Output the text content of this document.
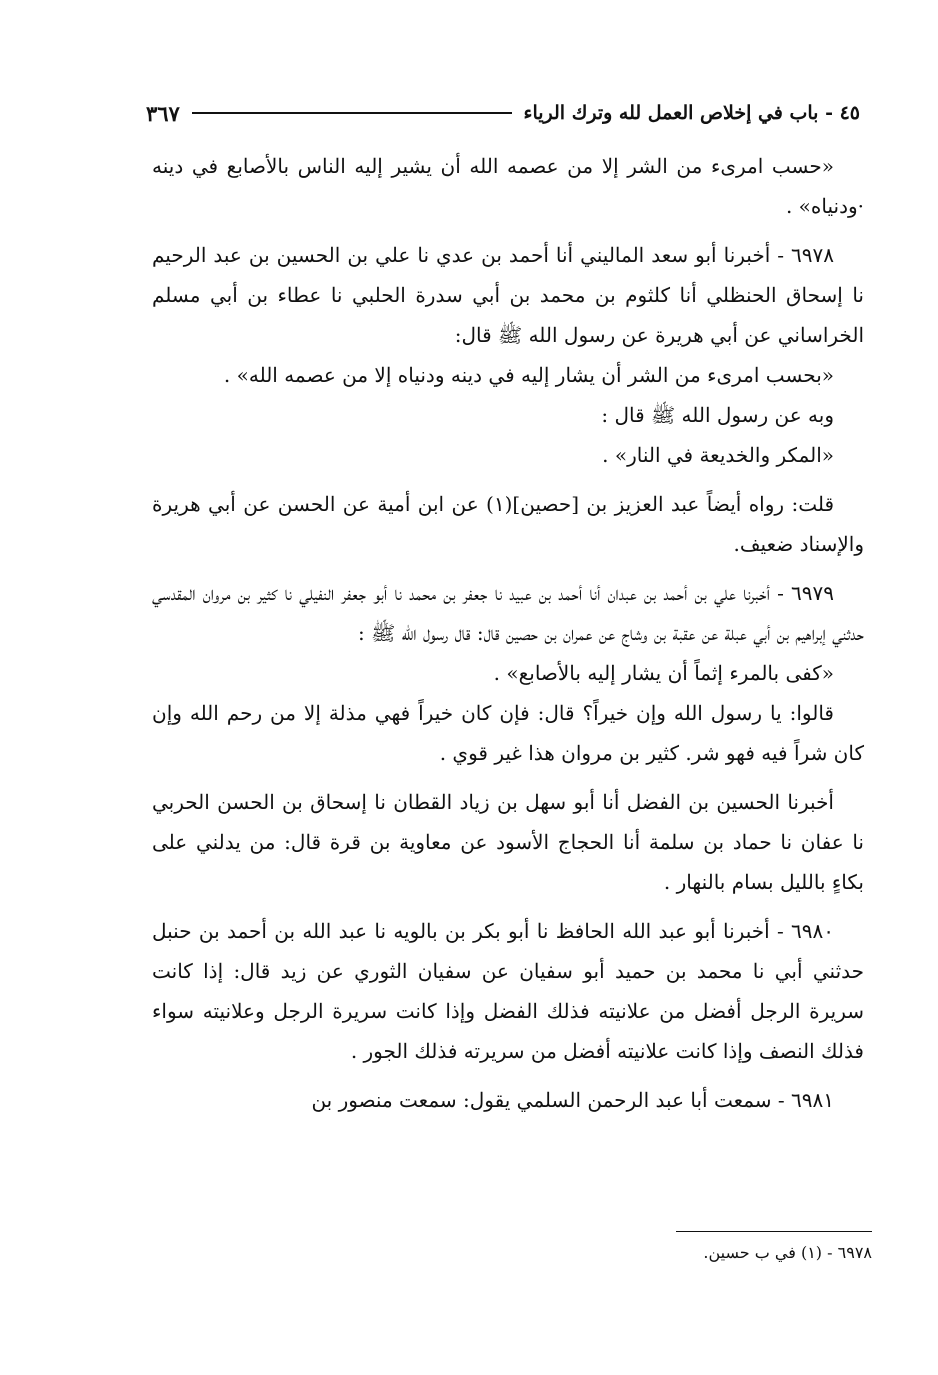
٤٥ - باب في إخلاص العمل لله وترك الرياء
٣٦٧

«حسب امرىء من الشر إلا من عصمه الله أن يشير إليه الناس بالأصابع في دينه ·ودنياه» .

٦٩٧٨ - أخبرنا أبو سعد الماليني أنا أحمد بن عدي نا علي بن الحسين بن عبد الرحيم نا إسحاق الحنظلي أنا كلثوم بن محمد بن أبي سدرة الحلبي نا عطاء بن أبي مسلم الخراساني عن أبي هريرة عن رسول الله ﷺ قال:

«بحسب امرىء من الشر أن يشار إليه في دينه ودنياه إلا من عصمه الله» .

وبه عن رسول الله ﷺ قال :

«المكر والخديعة في النار» .

قلت: رواه أيضاً عبد العزيز بن [حصين](١) عن ابن أمية عن الحسن عن أبي هريرة والإسناد ضعيف.

٦٩٧٩ - أخبرنا علي بن أحمد بن عبدان أنا أحمد بن عبيد نا جعفر بن محمد نا أبو جعفر النفيلي نا كثير بن مروان المقدسي حدثني إبراهيم بن أبي عبلة عن عقبة بن وشاج عن عمران بن حصين قال: قال رسول الله ﷺ :

«كفى بالمرء إثماً أن يشار إليه بالأصابع» .

قالوا: يا رسول الله وإن خيراً؟ قال: فإن كان خيراً فهي مذلة إلا من رحم الله وإن كان شراً فيه فهو شر. كثير بن مروان هذا غير قوي .

أخبرنا الحسين بن الفضل أنا أبو سهل بن زياد القطان نا إسحاق بن الحسن الحربي نا عفان نا حماد بن سلمة أنا الحجاج الأسود عن معاوية بن قرة قال: من يدلني على بكاءٍ بالليل بسام بالنهار .

٦٩٨٠ - أخبرنا أبو عبد الله الحافظ نا أبو بكر بن بالويه نا عبد الله بن أحمد بن حنبل حدثني أبي نا محمد بن حميد أبو سفيان عن سفيان الثوري عن زيد قال: إذا كانت سريرة الرجل أفضل من علانيته فذلك الفضل وإذا كانت سريرة الرجل وعلانيته سواء فذلك النصف وإذا كانت علانيته أفضل من سريرته فذلك الجور .

٦٩٨١ - سمعت أبا عبد الرحمن السلمي يقول: سمعت منصور بن

٦٩٧٨ - (١) في ب حسين.
